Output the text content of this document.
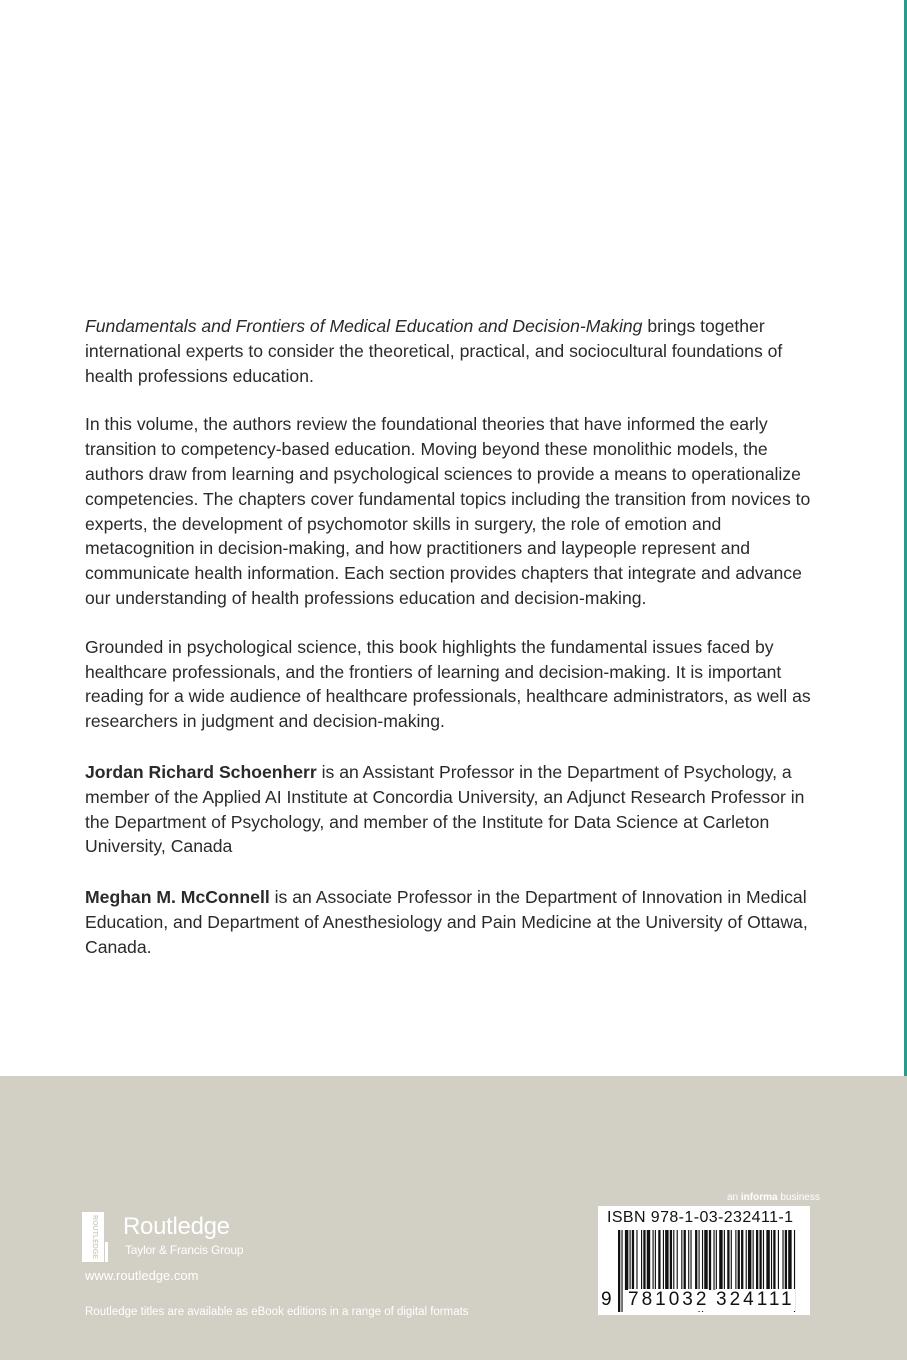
Fundamentals and Frontiers of Medical Education and Decision-Making brings together international experts to consider the theoretical, practical, and sociocultural foundations of health professions education.

In this volume, the authors review the foundational theories that have informed the early transition to competency-based education. Moving beyond these monolithic models, the authors draw from learning and psychological sciences to provide a means to operationalize competencies. The chapters cover fundamental topics including the transition from novices to experts, the development of psychomotor skills in surgery, the role of emotion and metacognition in decision-making, and how practitioners and laypeople represent and communicate health information. Each section provides chapters that integrate and advance our understanding of health professions education and decision-making.

Grounded in psychological science, this book highlights the fundamental issues faced by healthcare professionals, and the frontiers of learning and decision-making. It is important reading for a wide audience of healthcare professionals, healthcare administrators, as well as researchers in judgment and decision-making.

Jordan Richard Schoenherr is an Assistant Professor in the Department of Psychology, a member of the Applied AI Institute at Concordia University, an Adjunct Research Professor in the Department of Psychology, and member of the Institute for Data Science at Carleton University, Canada

Meghan M. McConnell is an Associate Professor in the Department of Innovation in Medical Education, and Department of Anesthesiology and Pain Medicine at the University of Ottawa, Canada.

ROUTLEDGE Routledge
Taylor & Francis Group
www.routledge.com
Routledge titles are available as eBook editions in a range of digital formats
an informa business
ISBN 978-1-03-232411-1
9 781032 324111
